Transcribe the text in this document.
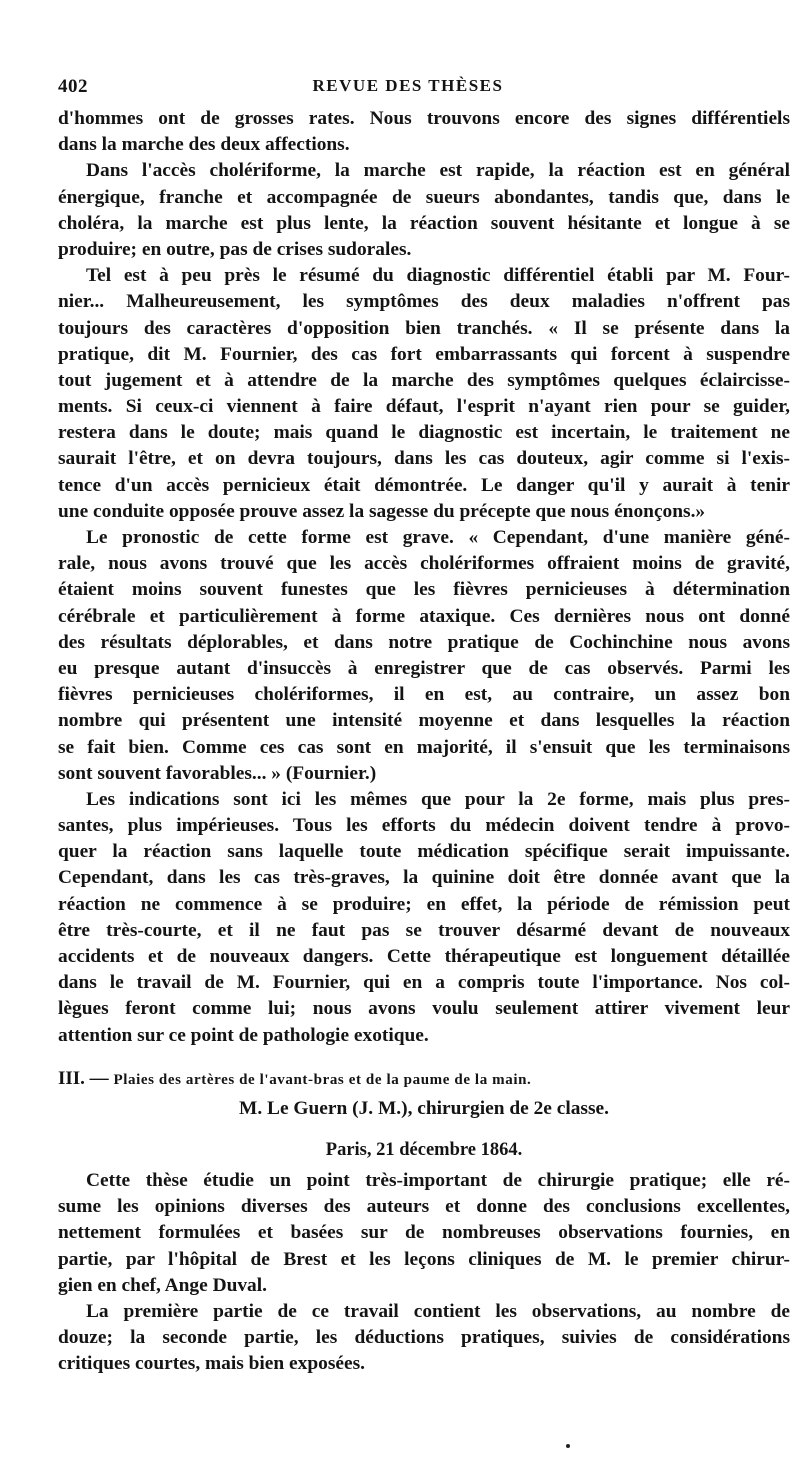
402	REVUE DES THÈSES
d'hommes ont de grosses rates. Nous trouvons encore des signes différentiels
dans la marche des deux affections.
Dans l'accès cholériforme, la marche est rapide, la réaction est en général
énergique, franche et accompagnée de sueurs abondantes, tandis que, dans le
choléra, la marche est plus lente, la réaction souvent hésitante et longue à se
produire; en outre, pas de crises sudorales.
Tel est à peu près le résumé du diagnostic différentiel établi par M. Four-
nier... Malheureusement, les symptômes des deux maladies n'offrent pas
toujours des caractères d'opposition bien tranchés. « Il se présente dans la
pratique, dit M. Fournier, des cas fort embarrassants qui forcent à suspendre
tout jugement et à attendre de la marche des symptômes quelques éclaircisse-
ments. Si ceux-ci viennent à faire défaut, l'esprit n'ayant rien pour se guider,
restera dans le doute; mais quand le diagnostic est incertain, le traitement ne
saurait l'être, et on devra toujours, dans les cas douteux, agir comme si l'exis-
tence d'un accès pernicieux était démontrée. Le danger qu'il y aurait à tenir
une conduite opposée prouve assez la sagesse du précepte que nous énonçons.»
Le pronostic de cette forme est grave. « Cependant, d'une manière géné-
rale, nous avons trouvé que les accès cholériformes offraient moins de gravité,
étaient moins souvent funestes que les fièvres pernicieuses à détermination
cérébrale et particulièrement à forme ataxique. Ces dernières nous ont donné
des résultats déplorables, et dans notre pratique de Cochinchine nous avons
eu presque autant d'insuccès à enregistrer que de cas observés. Parmi les
fièvres pernicieuses cholériformes, il en est, au contraire, un assez bon
nombre qui présentent une intensité moyenne et dans lesquelles la réaction
se fait bien. Comme ces cas sont en majorité, il s'ensuit que les terminaisons
sont souvent favorables... » (Fournier.)
Les indications sont ici les mêmes que pour la 2e forme, mais plus pres-
santes, plus impérieuses. Tous les efforts du médecin doivent tendre à provo-
quer la réaction sans laquelle toute médication spécifique serait impuissante.
Cependant, dans les cas très-graves, la quinine doit être donnée avant que la
réaction ne commence à se produire; en effet, la période de rémission peut
être très-courte, et il ne faut pas se trouver désarmé devant de nouveaux
accidents et de nouveaux dangers. Cette thérapeutique est longuement détaillée
dans le travail de M. Fournier, qui en a compris toute l'importance. Nos col-
lègues feront comme lui; nous avons voulu seulement attirer vivement leur
attention sur ce point de pathologie exotique.
III. — Plaies des artères de l'avant-bras et de la paume de la main.
M. Le Guern (J. M.), chirurgien de 2e classe.
Paris, 21 décembre 1864.
Cette thèse étudie un point très-important de chirurgie pratique; elle ré-
sume les opinions diverses des auteurs et donne des conclusions excellentes,
nettement formulées et basées sur de nombreuses observations fournies, en
partie, par l'hôpital de Brest et les leçons cliniques de M. le premier chirur-
gien en chef, Ange Duval.
La première partie de ce travail contient les observations, au nombre de
douze; la seconde partie, les déductions pratiques, suivies de considérations
critiques courtes, mais bien exposées.
